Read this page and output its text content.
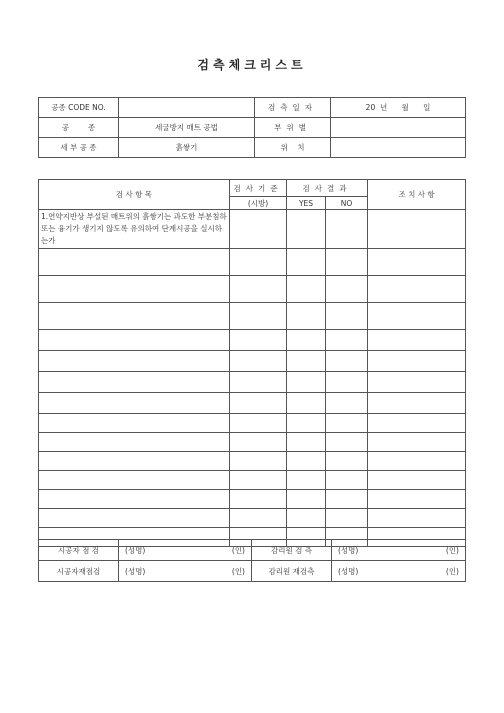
검측체크리스트
공종 CODE NO.		검측일자	20  년      월      일
공        종	세굴방지 매트 공법	부위별	
세 부 공 종	흙쌓기	위    치	
검 사 항 목	검사기준	검사결과		조 치 사 항
	(시방)	YES	NO	
1.연약지반상 부설된 매트위의 흙쌓기는 과도한 부분침하 또는 융기가 생기지 않도록 유의하여 단계시공을 실시하는가				

시공자 점 검	(성명)	(인)	감리원 검 측	(성명)	(인)
시공자재점검	(성명)	(인)	감리원 재검측	(성명)	(인)
